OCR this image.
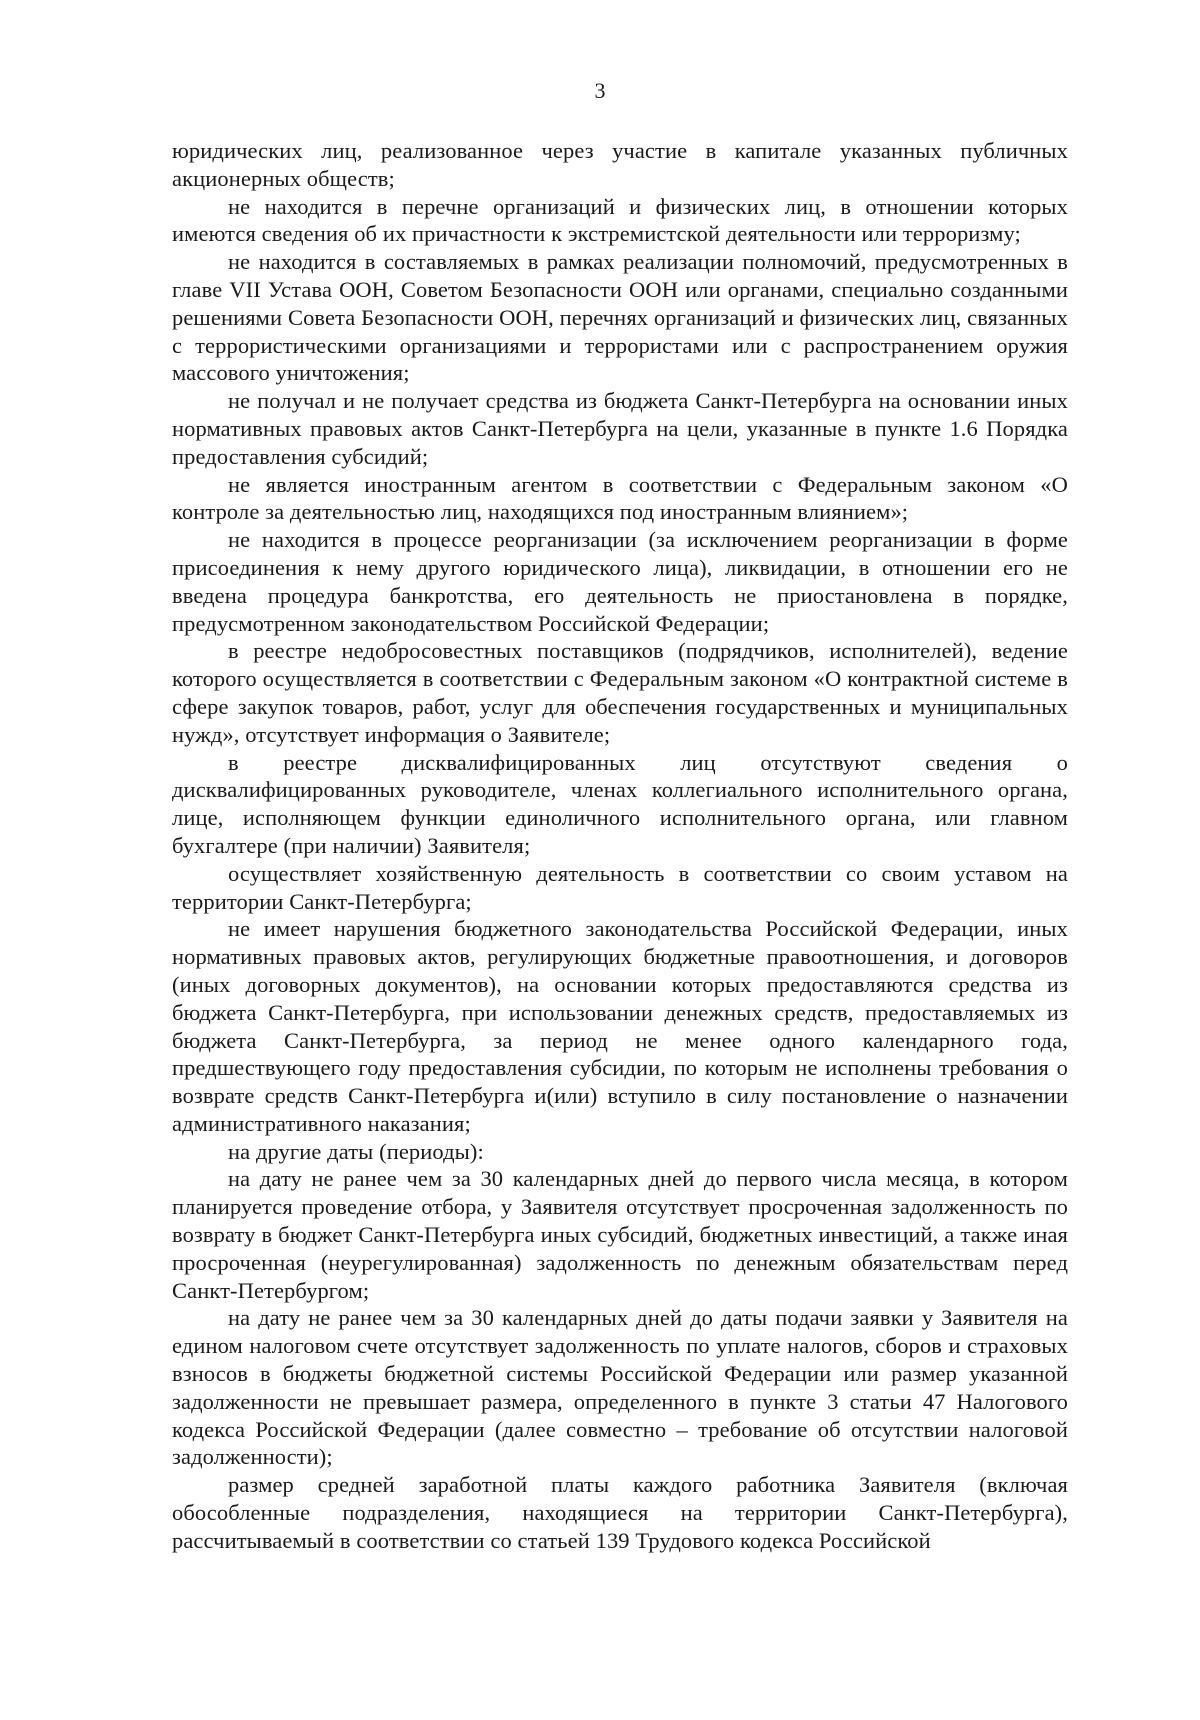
3

юридических лиц, реализованное через участие в капитале указанных публичных акционерных обществ;

не находится в перечне организаций и физических лиц, в отношении которых имеются сведения об их причастности к экстремистской деятельности или терроризму;

не находится в составляемых в рамках реализации полномочий, предусмотренных в главе VII Устава ООН, Советом Безопасности ООН или органами, специально созданными решениями Совета Безопасности ООН, перечнях организаций и физических лиц, связанных с террористическими организациями и террористами или с распространением оружия массового уничтожения;

не получал и не получает средства из бюджета Санкт-Петербурга на основании иных нормативных правовых актов Санкт-Петербурга на цели, указанные в пункте 1.6 Порядка предоставления субсидий;

не является иностранным агентом в соответствии с Федеральным законом «О контроле за деятельностью лиц, находящихся под иностранным влиянием»;

не находится в процессе реорганизации (за исключением реорганизации в форме присоединения к нему другого юридического лица), ликвидации, в отношении его не введена процедура банкротства, его деятельность не приостановлена в порядке, предусмотренном законодательством Российской Федерации;

в реестре недобросовестных поставщиков (подрядчиков, исполнителей), ведение которого осуществляется в соответствии с Федеральным законом «О контрактной системе в сфере закупок товаров, работ, услуг для обеспечения государственных и муниципальных нужд», отсутствует информация о Заявителе;

в реестре дисквалифицированных лиц отсутствуют сведения о дисквалифицированных руководителе, членах коллегиального исполнительного органа, лице, исполняющем функции единоличного исполнительного органа, или главном бухгалтере (при наличии) Заявителя;

осуществляет хозяйственную деятельность в соответствии со своим уставом на территории Санкт-Петербурга;

не имеет нарушения бюджетного законодательства Российской Федерации, иных нормативных правовых актов, регулирующих бюджетные правоотношения, и договоров (иных договорных документов), на основании которых предоставляются средства из бюджета Санкт-Петербурга, при использовании денежных средств, предоставляемых из бюджета Санкт-Петербурга, за период не менее одного календарного года, предшествующего году предоставления субсидии, по которым не исполнены требования о возврате средств Санкт-Петербурга и(или) вступило в силу постановление о назначении административного наказания;

на другие даты (периоды):

на дату не ранее чем за 30 календарных дней до первого числа месяца, в котором планируется проведение отбора, у Заявителя отсутствует просроченная задолженность по возврату в бюджет Санкт-Петербурга иных субсидий, бюджетных инвестиций, а также иная просроченная (неурегулированная) задолженность по денежным обязательствам перед Санкт-Петербургом;

на дату не ранее чем за 30 календарных дней до даты подачи заявки у Заявителя на едином налоговом счете отсутствует задолженность по уплате налогов, сборов и страховых взносов в бюджеты бюджетной системы Российской Федерации или размер указанной задолженности не превышает размера, определенного в пункте 3 статьи 47 Налогового кодекса Российской Федерации (далее совместно – требование об отсутствии налоговой задолженности);

размер средней заработной платы каждого работника Заявителя (включая обособленные подразделения, находящиеся на территории Санкт-Петербурга), рассчитываемый в соответствии со статьей 139 Трудового кодекса Российской
